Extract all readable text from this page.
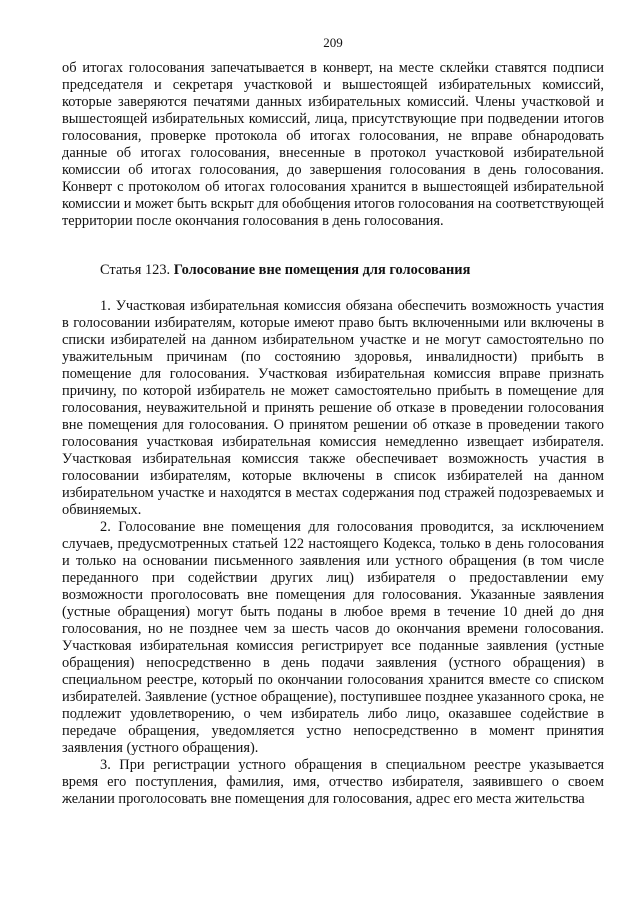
209
об итогах голосования запечатывается в конверт, на месте склейки ставятся подписи председателя и секретаря участковой и вышестоящей избирательных комиссий, которые заверяются печатями данных избирательных комиссий. Члены участковой и вышестоящей избирательных комиссий, лица, присутствующие при подведении итогов голосования, проверке протокола об итогах голосования, не вправе обнародовать данные об итогах голосования, внесенные в протокол участковой избирательной комиссии об итогах голосования, до завершения голосования в день голосования. Конверт с протоколом об итогах голосования хранится в вышестоящей избирательной комиссии и может быть вскрыт для обобщения итогов голосования на соответствующей территории после окончания голосования в день голосования.
Статья 123. Голосование вне помещения для голосования

1. Участковая избирательная комиссия обязана обеспечить возможность участия в голосовании избирателям, которые имеют право быть включенными или включены в списки избирателей на данном избирательном участке и не могут самостоятельно по уважительным причинам (по состоянию здоровья, инвалидности) прибыть в помещение для голосования. Участковая избирательная комиссия вправе признать причину, по которой избиратель не может самостоятельно прибыть в помещение для голосования, неуважительной и принять решение об отказе в проведении голосования вне помещения для голосования. О принятом решении об отказе в проведении такого голосования участковая избирательная комиссия немедленно извещает избирателя. Участковая избирательная комиссия также обеспечивает возможность участия в голосовании избирателям, которые включены в список избирателей на данном избирательном участке и находятся в местах содержания под стражей подозреваемых и обвиняемых.

2. Голосование вне помещения для голосования проводится, за исключением случаев, предусмотренных статьей 122 настоящего Кодекса, только в день голосования и только на основании письменного заявления или устного обращения (в том числе переданного при содействии других лиц) избирателя о предоставлении ему возможности проголосовать вне помещения для голосования. Указанные заявления (устные обращения) могут быть поданы в любое время в течение 10 дней до дня голосования, но не позднее чем за шесть часов до окончания времени голосования. Участковая избирательная комиссия регистрирует все поданные заявления (устные обращения) непосредственно в день подачи заявления (устного обращения) в специальном реестре, который по окончании голосования хранится вместе со списком избирателей. Заявление (устное обращение), поступившее позднее указанного срока, не подлежит удовлетворению, о чем избиратель либо лицо, оказавшее содействие в передаче обращения, уведомляется устно непосредственно в момент принятия заявления (устного обращения).

3. При регистрации устного обращения в специальном реестре указывается время его поступления, фамилия, имя, отчество избирателя, заявившего о своем желании проголосовать вне помещения для голосования, адрес его места жительства
